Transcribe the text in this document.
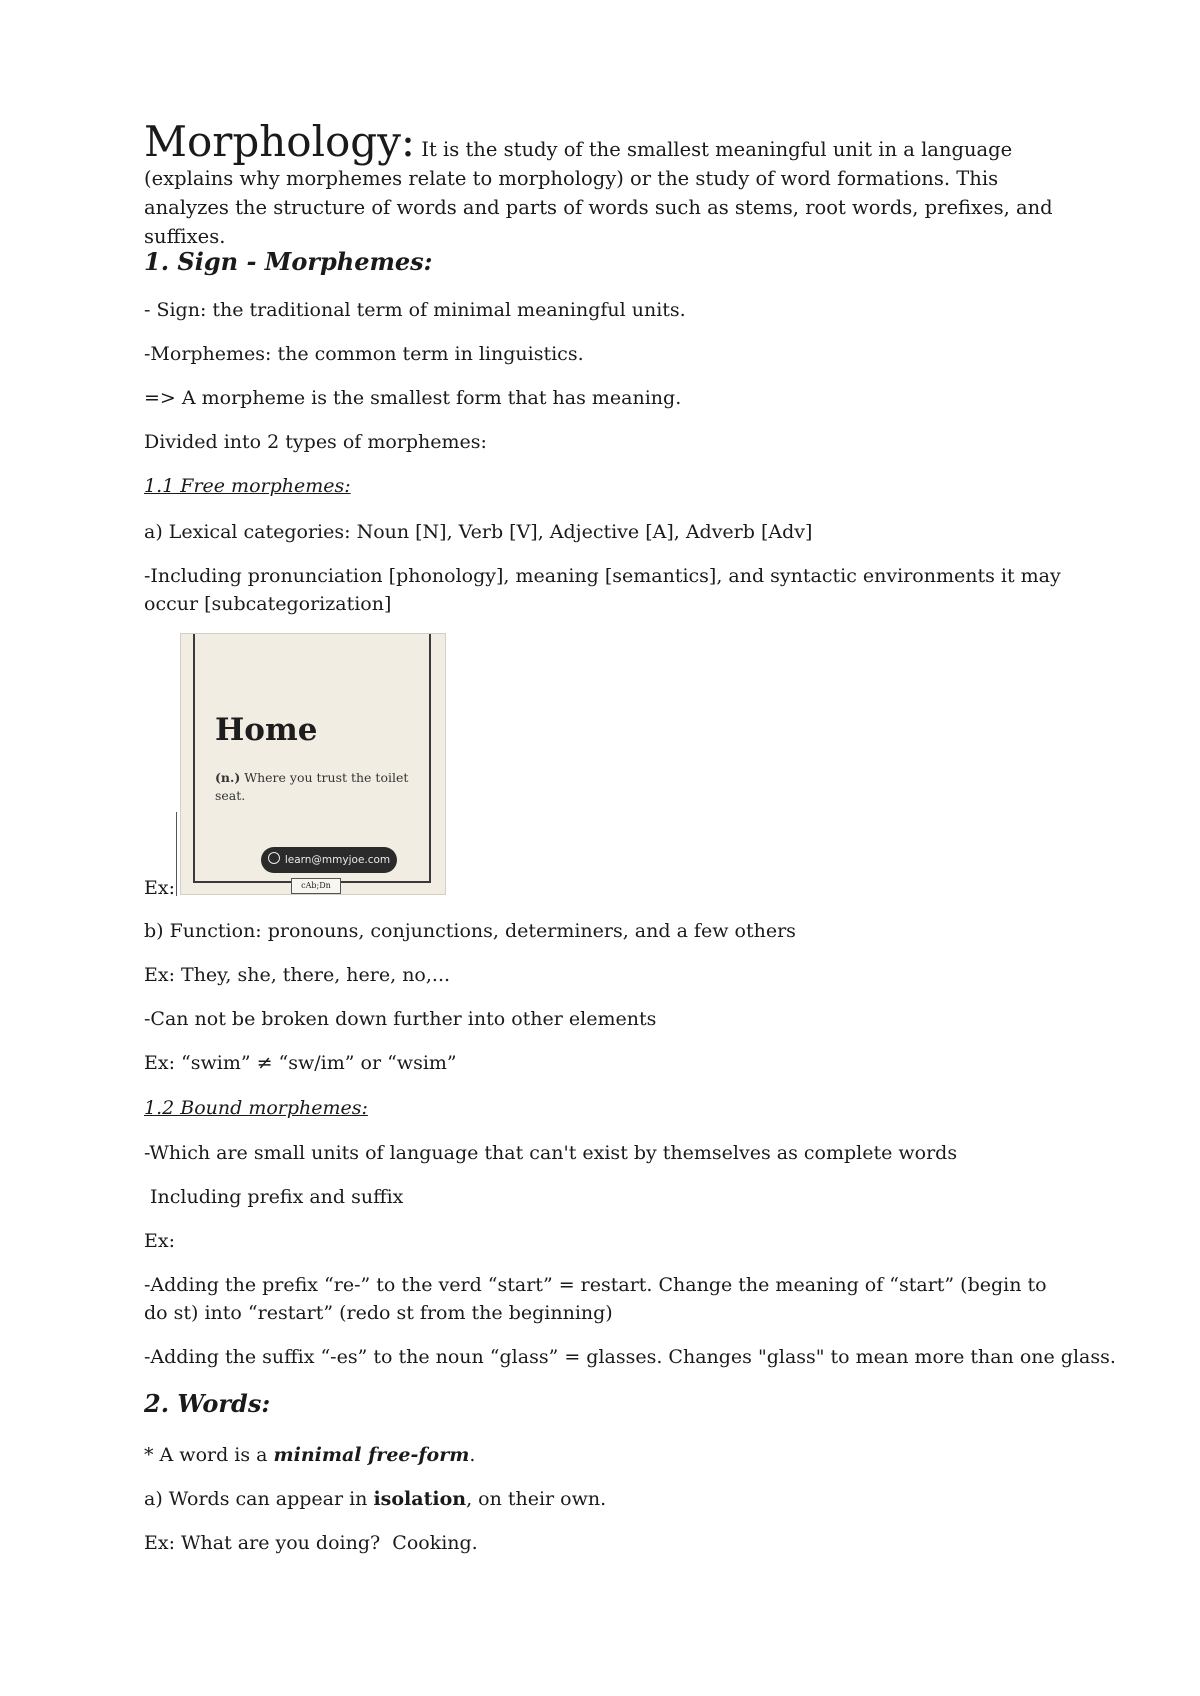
Morphology: It is the study of the smallest meaningful unit in a language (explains why morphemes relate to morphology) or the study of word formations. This analyzes the structure of words and parts of words such as stems, root words, prefixes, and suffixes.
1. Sign - Morphemes:
- Sign: the traditional term of minimal meaningful units.
-Morphemes: the common term in linguistics.
=> A morpheme is the smallest form that has meaning.
Divided into 2 types of morphemes:
1.1 Free morphemes:
a) Lexical categories: Noun [N], Verb [V], Adjective [A], Adverb [Adv]
-Including pronunciation [phonology], meaning [semantics], and syntactic environments it may occur [subcategorization]
Home
(n.) Where you trust the toilet seat.
learn@mmyjoe.com
cAb;Dn
Ex:
b) Function: pronouns, conjunctions, determiners, and a few others
Ex: They, she, there, here, no,...
-Can not be broken down further into other elements
Ex: “swim” ≠ “sw/im” or “wsim”
1.2 Bound morphemes:
-Which are small units of language that can't exist by themselves as complete words
Including prefix and suffix
Ex:
-Adding the prefix “re-” to the verd “start” = restart. Change the meaning of “start” (begin to do st) into “restart” (redo st from the beginning)
-Adding the suffix “-es” to the noun “glass” = glasses. Changes "glass" to mean more than one glass.
2. Words:
* A word is a minimal free-form.
a) Words can appear in isolation, on their own.
Ex: What are you doing?  Cooking.
